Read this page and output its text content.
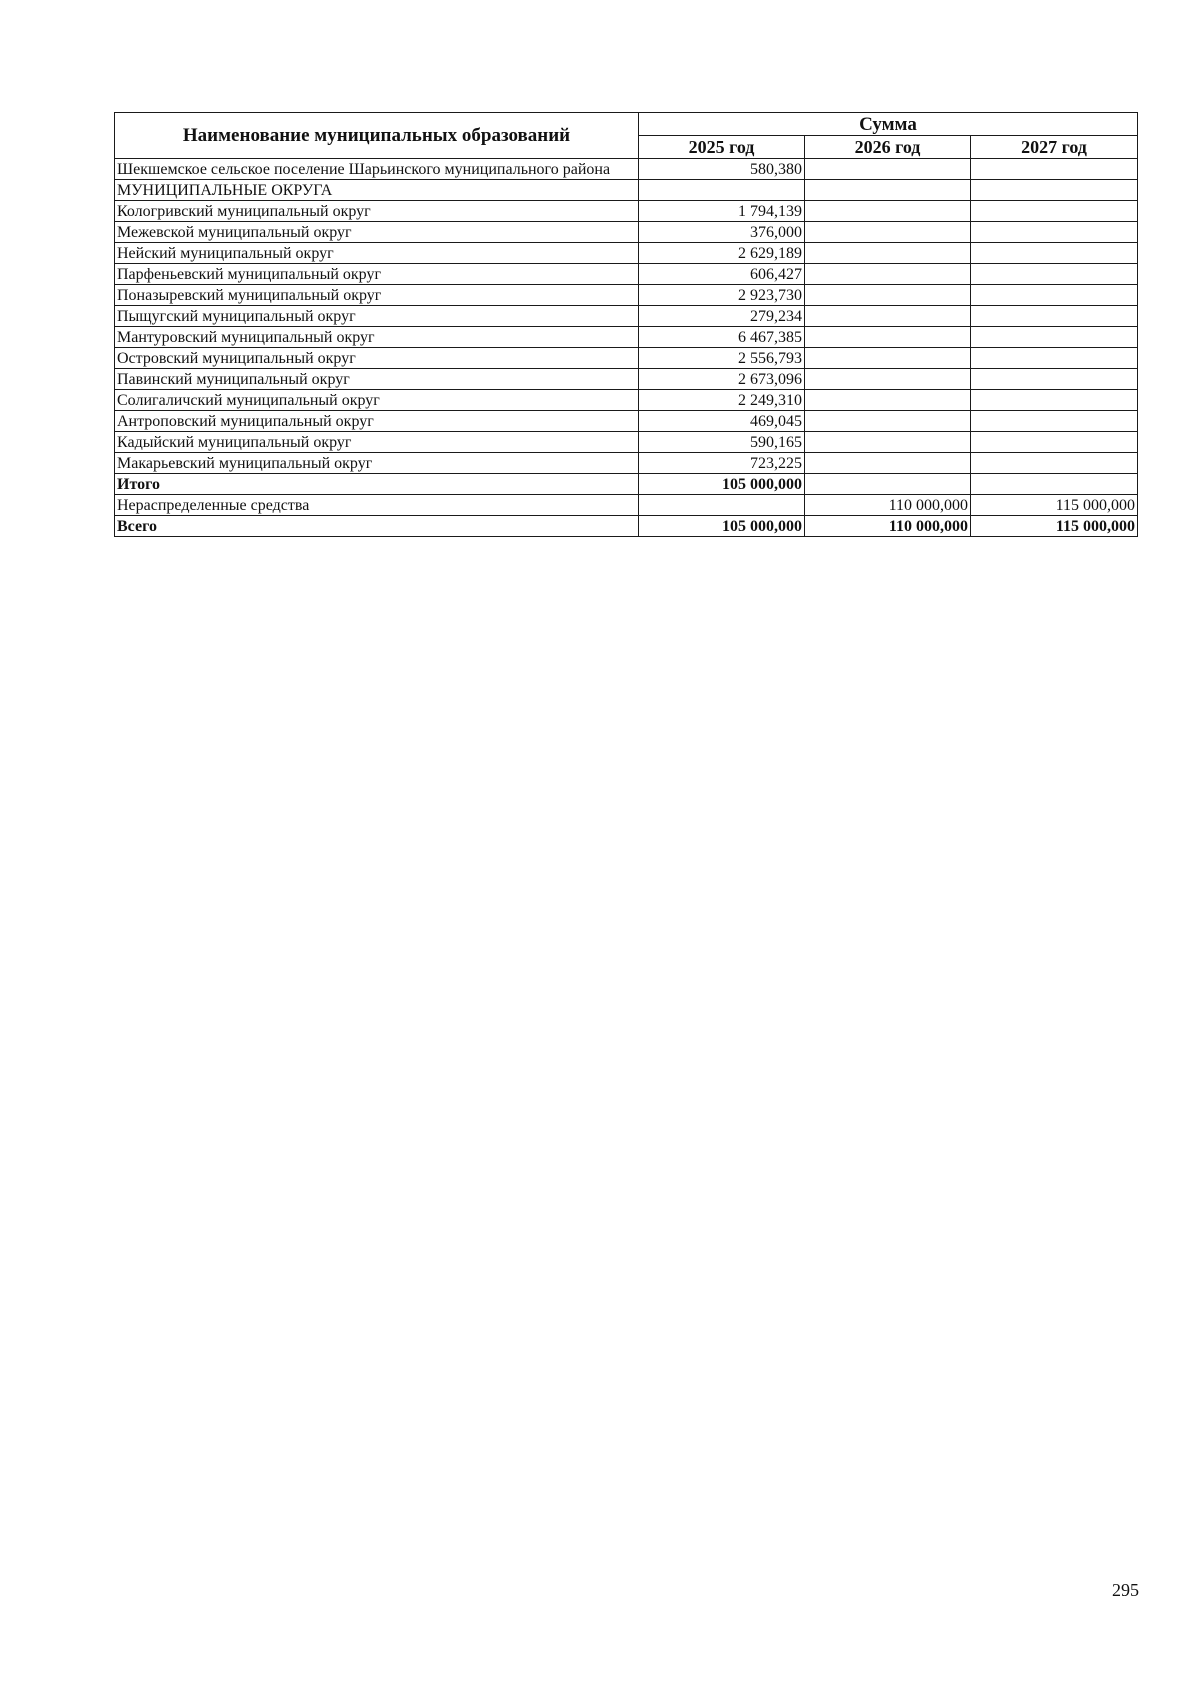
Наименование муниципальных образований	Сумма		
	2025 год	2026 год	2027 год
Шекшемское сельское поселение Шарьинского муниципального района	580,380		
МУНИЦИПАЛЬНЫЕ ОКРУГА			
Кологривский муниципальный округ	1 794,139		
Межевской муниципальный округ	376,000		
Нейский муниципальный округ	2 629,189		
Парфеньевский муниципальный округ	606,427		
Поназыревский муниципальный округ	2 923,730		
Пыщугский муниципальный округ	279,234		
Мантуровский муниципальный округ	6 467,385		
Островский муниципальный округ	2 556,793		
Павинский муниципальный округ	2 673,096		
Солигаличский муниципальный округ	2 249,310		
Антроповский муниципальный округ	469,045		
Кадыйский муниципальный округ	590,165		
Макарьевский муниципальный округ	723,225		
Итого	105 000,000		
Нераспределенные средства		110 000,000	115 000,000
Всего	105 000,000	110 000,000	115 000,000
295
